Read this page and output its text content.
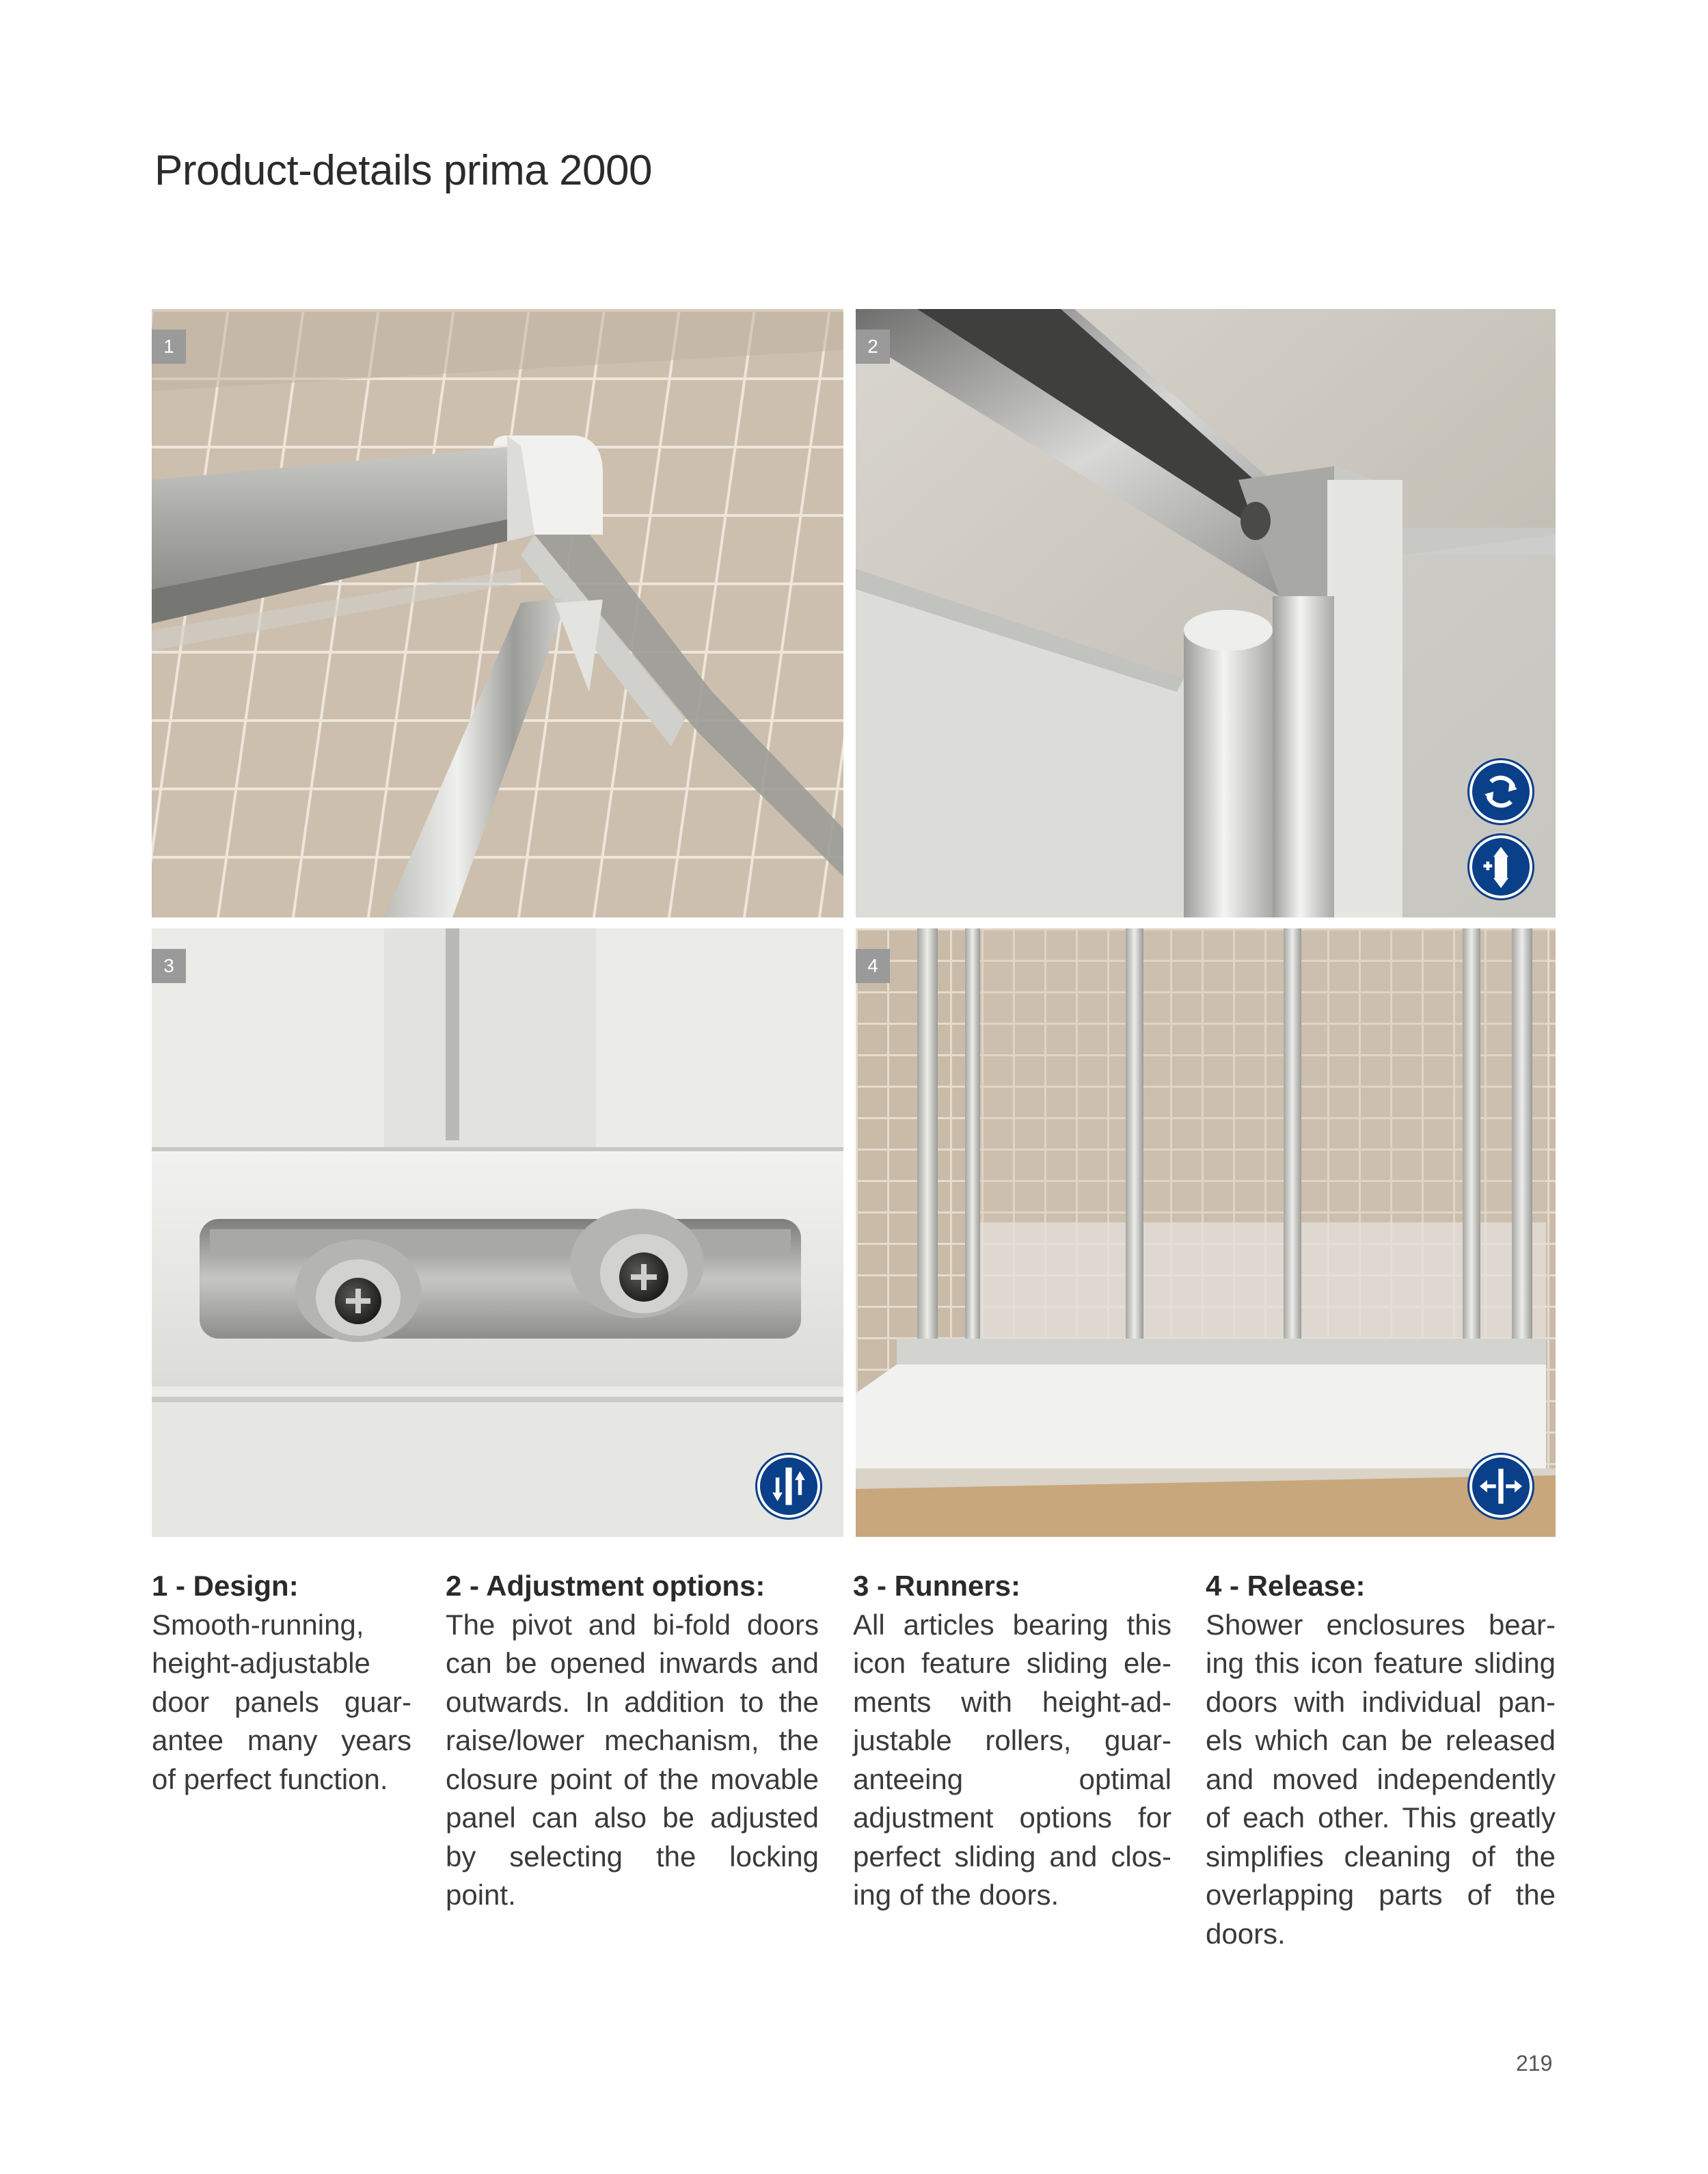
Product-details prima 2000
1	2
3	4
1 - Design:

Smooth-running, height-adjustable door panels guar-antee many years of perfect function.

2 - Adjustment options:

The pivot and bi-fold doors can be opened inwards and outwards. In addition to the raise/lower mechanism, the closure point of the movable panel can also be adjusted by selecting the locking point.

3 - Runners:

All articles bearing this icon feature sliding ele-ments with height-ad-justable rollers, guar-anteeing optimal adjustment options for perfect sliding and clos-ing of the doors.

4 - Release:

Shower enclosures bear-ing this icon feature sliding doors with individual pan-els which can be released and moved independently of each other. This greatly simplifies cleaning of the overlapping parts of the doors.

219
